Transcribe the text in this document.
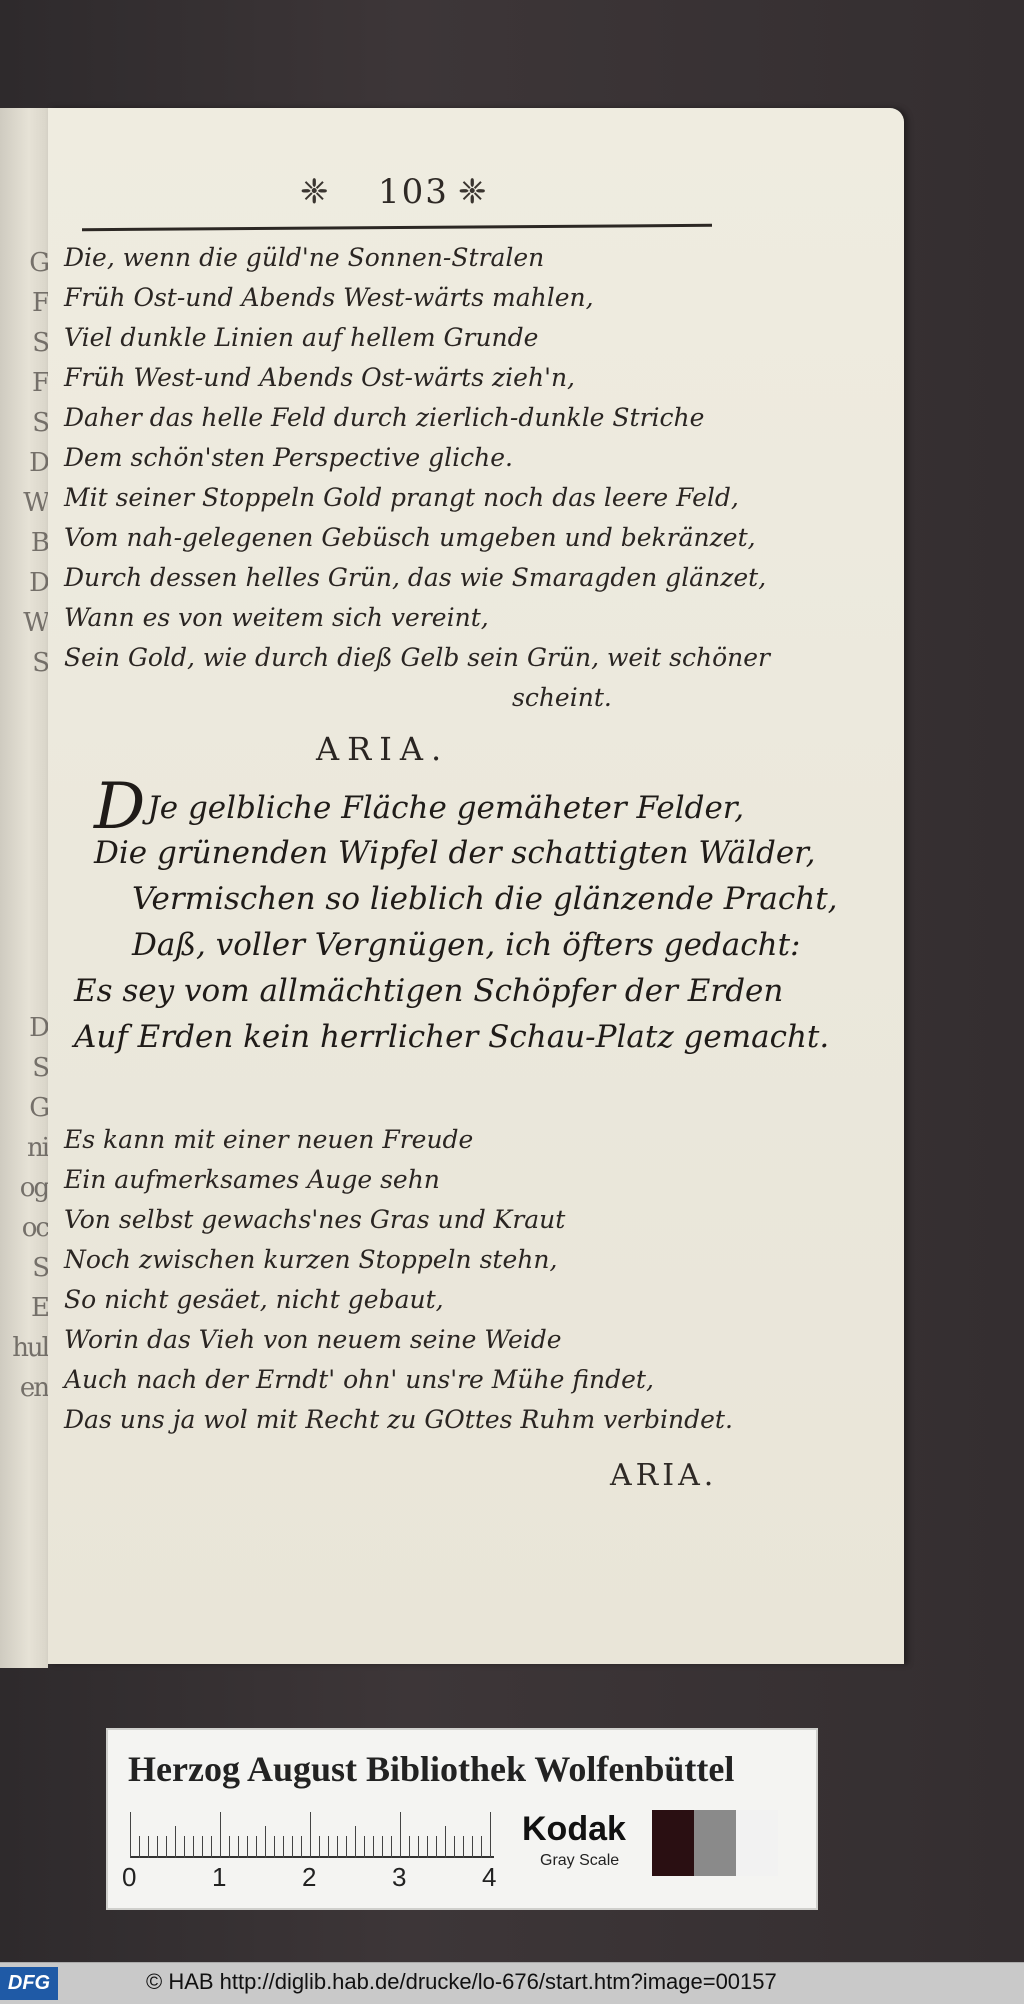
G
F
S
F
S
D
W
B
D
W
S
D
S
G
ni
og
oc
S
E
hul
en
❈ 103 ❈
Die, wenn die güld'ne Sonnen-Stralen
Früh Ost-und Abends West-wärts mahlen,
Viel dunkle Linien auf hellem Grunde
Früh West-und Abends Ost-wärts zieh'n,
Daher das helle Feld durch zierlich-dunkle Striche
Dem schön'sten Perspective gliche.
Mit seiner Stoppeln Gold prangt noch das leere Feld,
Vom nah-gelegenen Gebüsch umgeben und bekränzet,
Durch dessen helles Grün, das wie Smaragden glänzet,
Wann es von weitem sich vereint,
Sein Gold, wie durch dieß Gelb sein Grün, weit schöner
scheint.
ARIA.
DJe gelbliche Fläche gemäheter Felder,
Die grünenden Wipfel der schattigten Wälder,
Vermischen so lieblich die glänzende Pracht,
Daß, voller Vergnügen, ich öfters gedacht:
Es sey vom allmächtigen Schöpfer der Erden
Auf Erden kein herrlicher Schau-Platz gemacht.
Es kann mit einer neuen Freude
Ein aufmerksames Auge sehn
Von selbst gewachs'nes Gras und Kraut
Noch zwischen kurzen Stoppeln stehn,
So nicht gesäet, nicht gebaut,
Worin das Vieh von neuem seine Weide
Auch nach der Erndt' ohn' uns're Mühe findet,
Das uns ja wol mit Recht zu GOttes Ruhm verbindet.
ARIA.
Herzog August Bibliothek Wolfenbüttel
0	1	2	3	4
Kodak
Gray Scale
DFG	© HAB http://diglib.hab.de/drucke/lo-676/start.htm?image=00157
